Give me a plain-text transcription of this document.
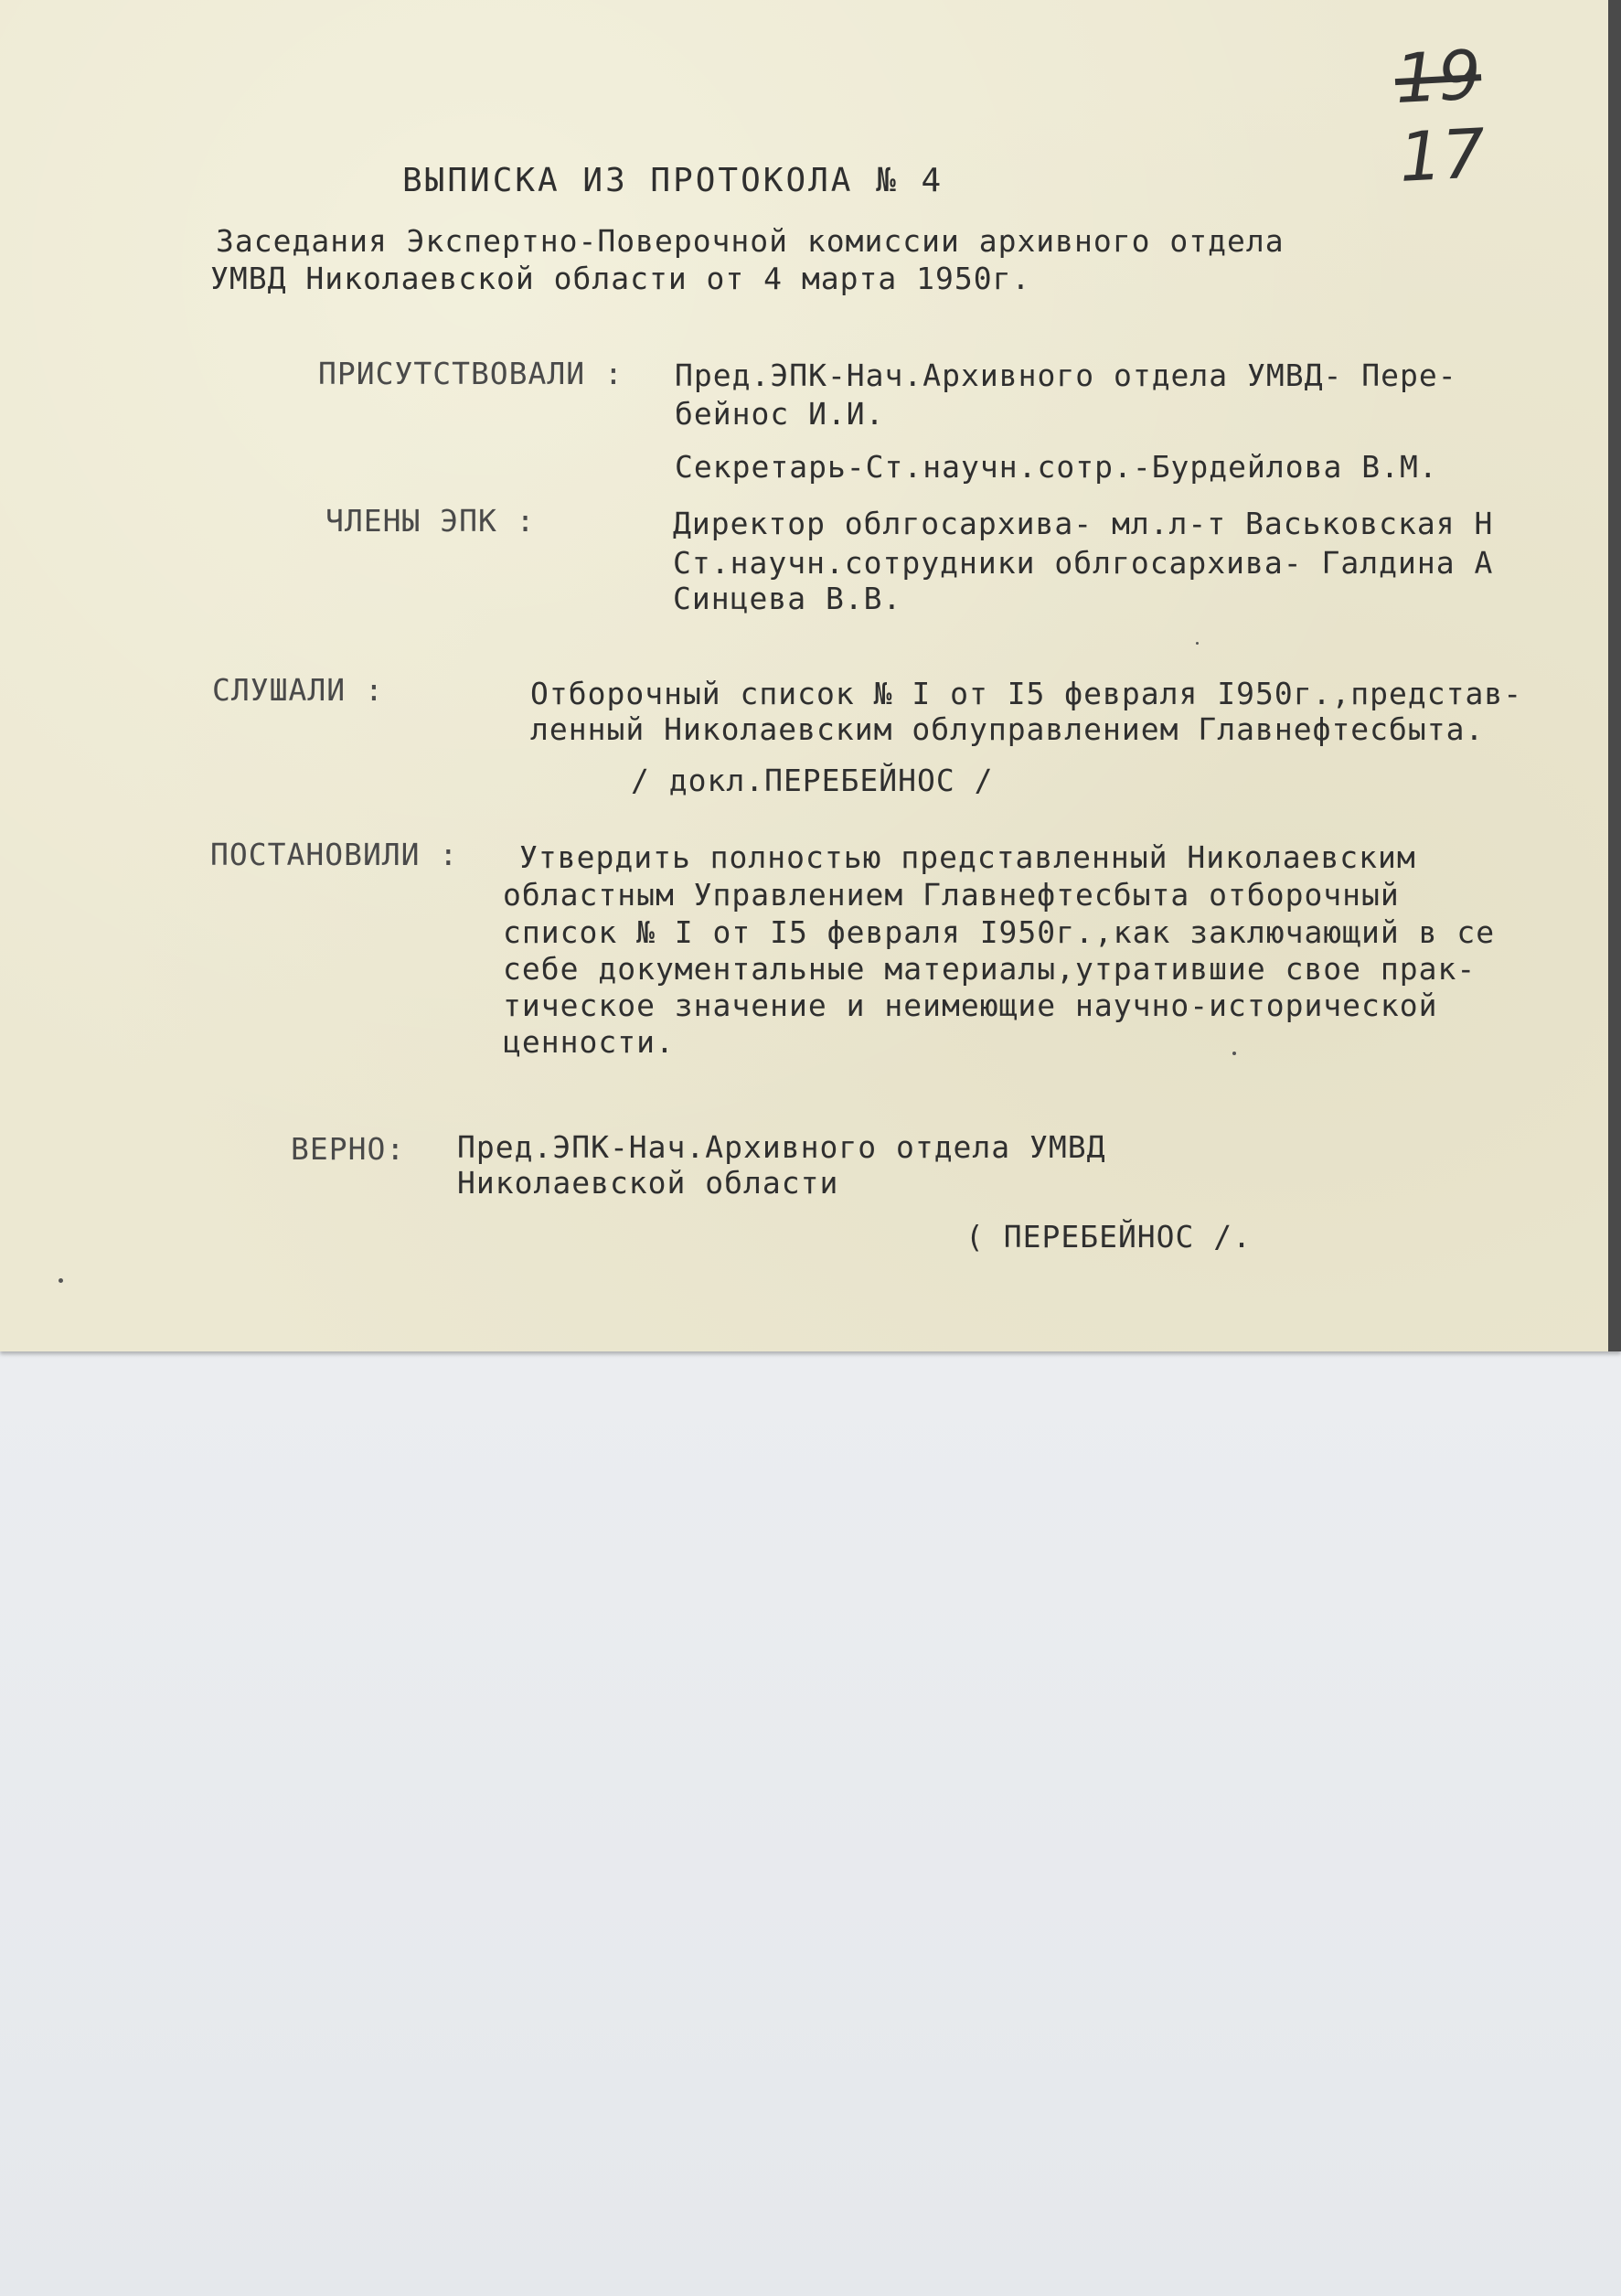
19 17
ВЫПИСКА ИЗ ПРОТОКОЛА № 4
Заседания Экспертно-Поверочной комиссии архивного отдела
УМВД Николаевской области от 4 марта 1950г.
ПРИСУТСТВОВАЛИ : Пред.ЭПК-Нач.Архивного отдела УМВД- Пере-
бейнос И.И.
Секретарь-Ст.научн.сотр.-Бурдейлова В.М.
ЧЛЕНЫ ЭПК :	Директор облгосархива- мл.л-т Васьковская Н
Ст.научн.сотрудники облгосархива- Галдина А
Синцева В.В.
СЛУШАЛИ :	Отборочный список № I от I5 февраля I950г.,представ-
ленный Николаевским облуправлением Главнефтесбыта.
/ докл.ПЕРЕБЕЙНОС /
ПОСТАНОВИЛИ : Утвердить полностью представленный Николаевским
областным Управлением Главнефтесбыта отборочный
список № I от I5 февраля I950г.,как заключающий в се
себе документальные материалы,утратившие свое прак-
тическое значение и неимеющие научно-исторической
ценности.
ВЕРНО: Пред.ЭПК-Нач.Архивного отдела УМВД
Николаевской области
( ПЕРЕБЕЙНОС /.
